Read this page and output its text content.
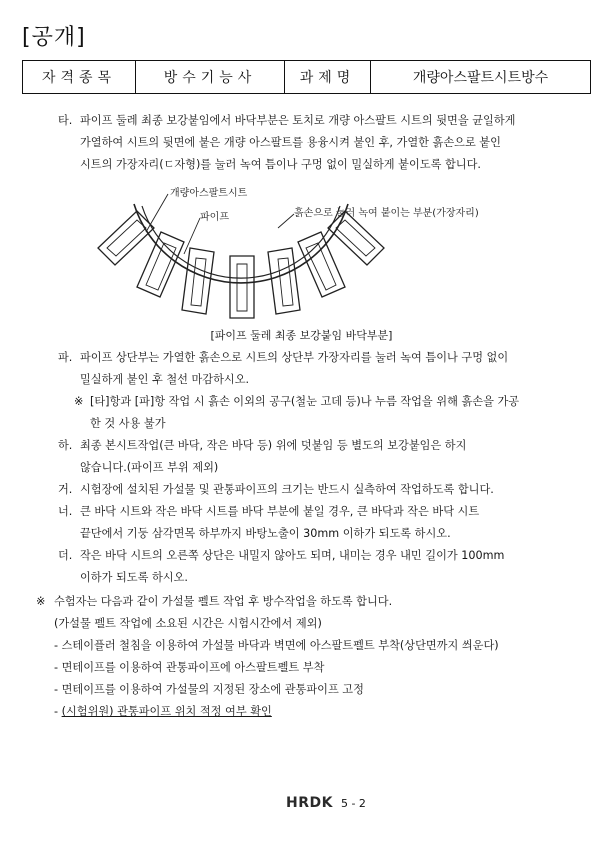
[공개]
자격종목	방수기능사	과제명	개량아스팔트시트방수
타. 파이프 둘레 최종 보강붙임에서 바닥부분은 토치로 개량 아스팔트 시트의 뒷면을 균일하게
가열하여 시트의 뒷면에 붙은 개량 아스팔트를 용융시켜 붙인 후, 가열한 흙손으로 붙인
시트의 가장자리(ㄷ자형)를 눌러 녹여 틈이나 구멍 없이 밀실하게 붙이도록 합니다.
개량아스팔트시트
파이프	흙손으로 눌러 녹여 붙이는 부분(가장자리)
[파이프 둘레 최종 보강붙임 바닥부분]
파. 파이프 상단부는 가열한 흙손으로 시트의 상단부 가장자리를 눌러 녹여 틈이나 구멍 없이
밀실하게 붙인 후 철선 마감하시오.
※ [타]항과 [파]항 작업 시 흙손 이외의 공구(철눈 고데 등)나 누름 작업을 위해 흙손을 가공
한 것 사용 불가
하. 최종 본시트작업(큰 바닥, 작은 바닥 등) 위에 덧붙임 등 별도의 보강붙임은 하지
않습니다.(파이프 부위 제외)
거. 시험장에 설치된 가설물 및 관통파이프의 크기는 반드시 실측하여 작업하도록 합니다.
너. 큰 바닥 시트와 작은 바닥 시트를 바닥 부분에 붙일 경우, 큰 바닥과 작은 바닥 시트
끝단에서 기둥 삼각면목 하부까지 바탕노출이 30mm 이하가 되도록 하시오.
더. 작은 바닥 시트의 오른쪽 상단은 내밀지 않아도 되며, 내미는 경우 내민 길이가 100mm
이하가 되도록 하시오.
※ 수험자는 다음과 같이 가설물 펠트 작업 후 방수작업을 하도록 합니다.
(가설물 펠트 작업에 소요된 시간은 시험시간에서 제외)
- 스테이플러 철침을 이용하여 가설물 바닥과 벽면에 아스팔트펠트 부착(상단면까지 씌운다)
- 면테이프를 이용하여 관통파이프에 아스팔트펠트 부착
- 면테이프를 이용하여 가설물의 지정된 장소에 관통파이프 고정
- (시험위원) 관통파이프 위치 적정 여부 확인
HRDK 5 - 2
